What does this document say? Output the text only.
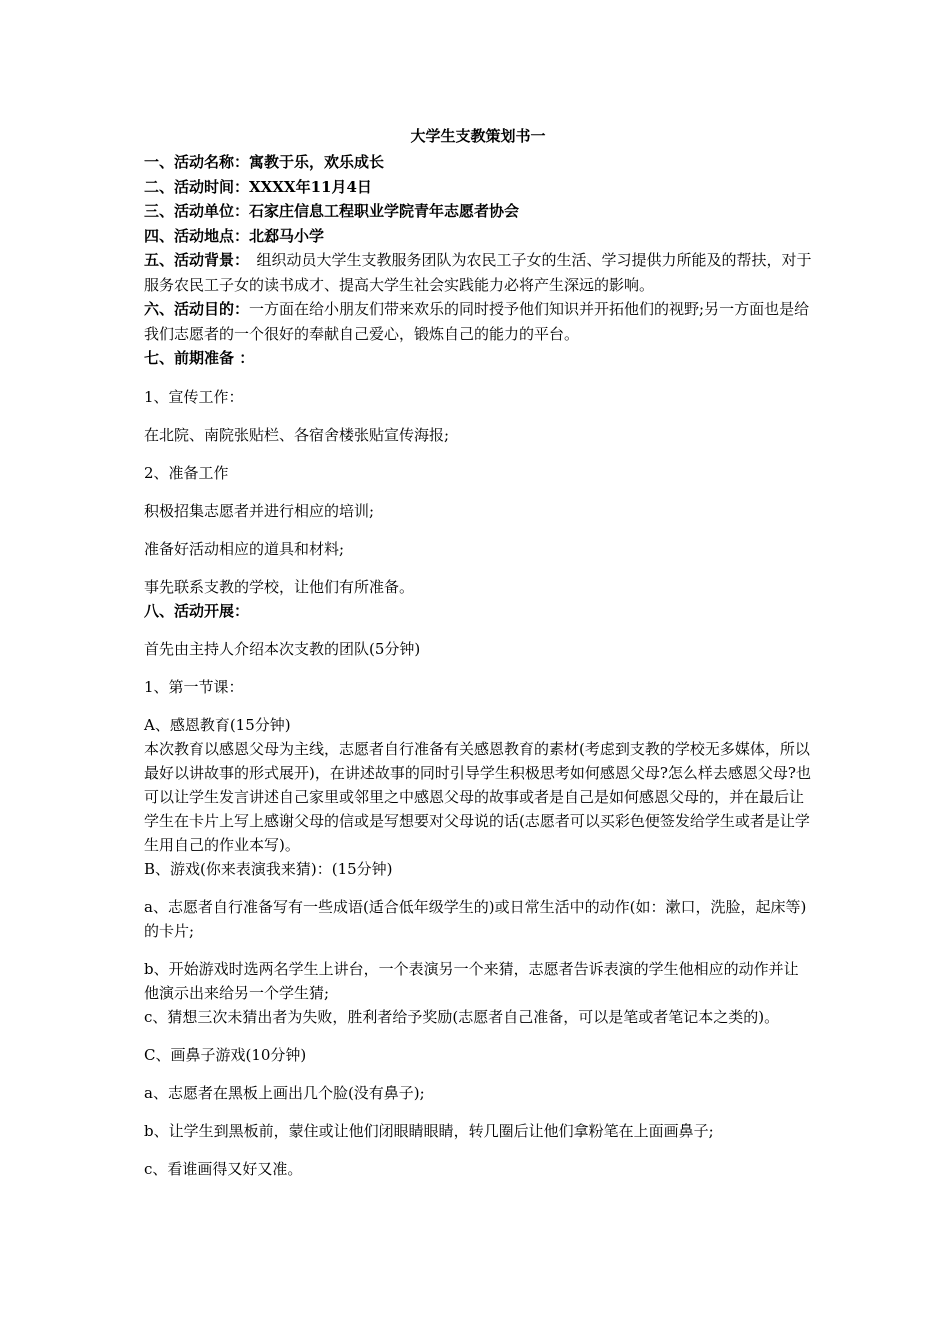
大学生支教策划书一
一、活动名称：寓教于乐，欢乐成长
二、活动时间：XXXX年11月4日
三、活动单位：石家庄信息工程职业学院青年志愿者协会
四、活动地点：北郄马小学
五、活动背景：　组织动员大学生支教服务团队为农民工子女的生活、学习提供力所能及的帮扶，对于服务农民工子女的读书成才、提高大学生社会实践能力必将产生深远的影响。
六、活动目的：一方面在给小朋友们带来欢乐的同时授予他们知识并开拓他们的视野;另一方面也是给我们志愿者的一个很好的奉献自己爱心，锻炼自己的能力的平台。
七、前期准备 ：
1、宣传工作：
在北院、南院张贴栏、各宿舍楼张贴宣传海报;
2、准备工作
积极招集志愿者并进行相应的培训;
准备好活动相应的道具和材料;
事先联系支教的学校，让他们有所准备。
八、活动开展：
首先由主持人介绍本次支教的团队(5分钟)
1、第一节课：
A、感恩教育(15分钟)
本次教育以感恩父母为主线，志愿者自行准备有关感恩教育的素材(考虑到支教的学校无多媒体，所以最好以讲故事的形式展开)，在讲述故事的同时引导学生积极思考如何感恩父母?怎么样去感恩父母?也可以让学生发言讲述自己家里或邻里之中感恩父母的故事或者是自己是如何感恩父母的，并在最后让学生在卡片上写上感谢父母的信或是写想要对父母说的话(志愿者可以买彩色便签发给学生或者是让学生用自己的作业本写)。
B、游戏(你来表演我来猜)：(15分钟)
a、志愿者自行准备写有一些成语(适合低年级学生的)或日常生活中的动作(如：漱口，洗脸，起床等)的卡片;
b、开始游戏时选两名学生上讲台，一个表演另一个来猜，志愿者告诉表演的学生他相应的动作并让他演示出来给另一个学生猜;
c、猜想三次未猜出者为失败，胜利者给予奖励(志愿者自己准备，可以是笔或者笔记本之类的)。
C、画鼻子游戏(10分钟)
a、志愿者在黑板上画出几个脸(没有鼻子);
b、让学生到黑板前，蒙住或让他们闭眼睛眼睛，转几圈后让他们拿粉笔在上面画鼻子;
c、看谁画得又好又准。
